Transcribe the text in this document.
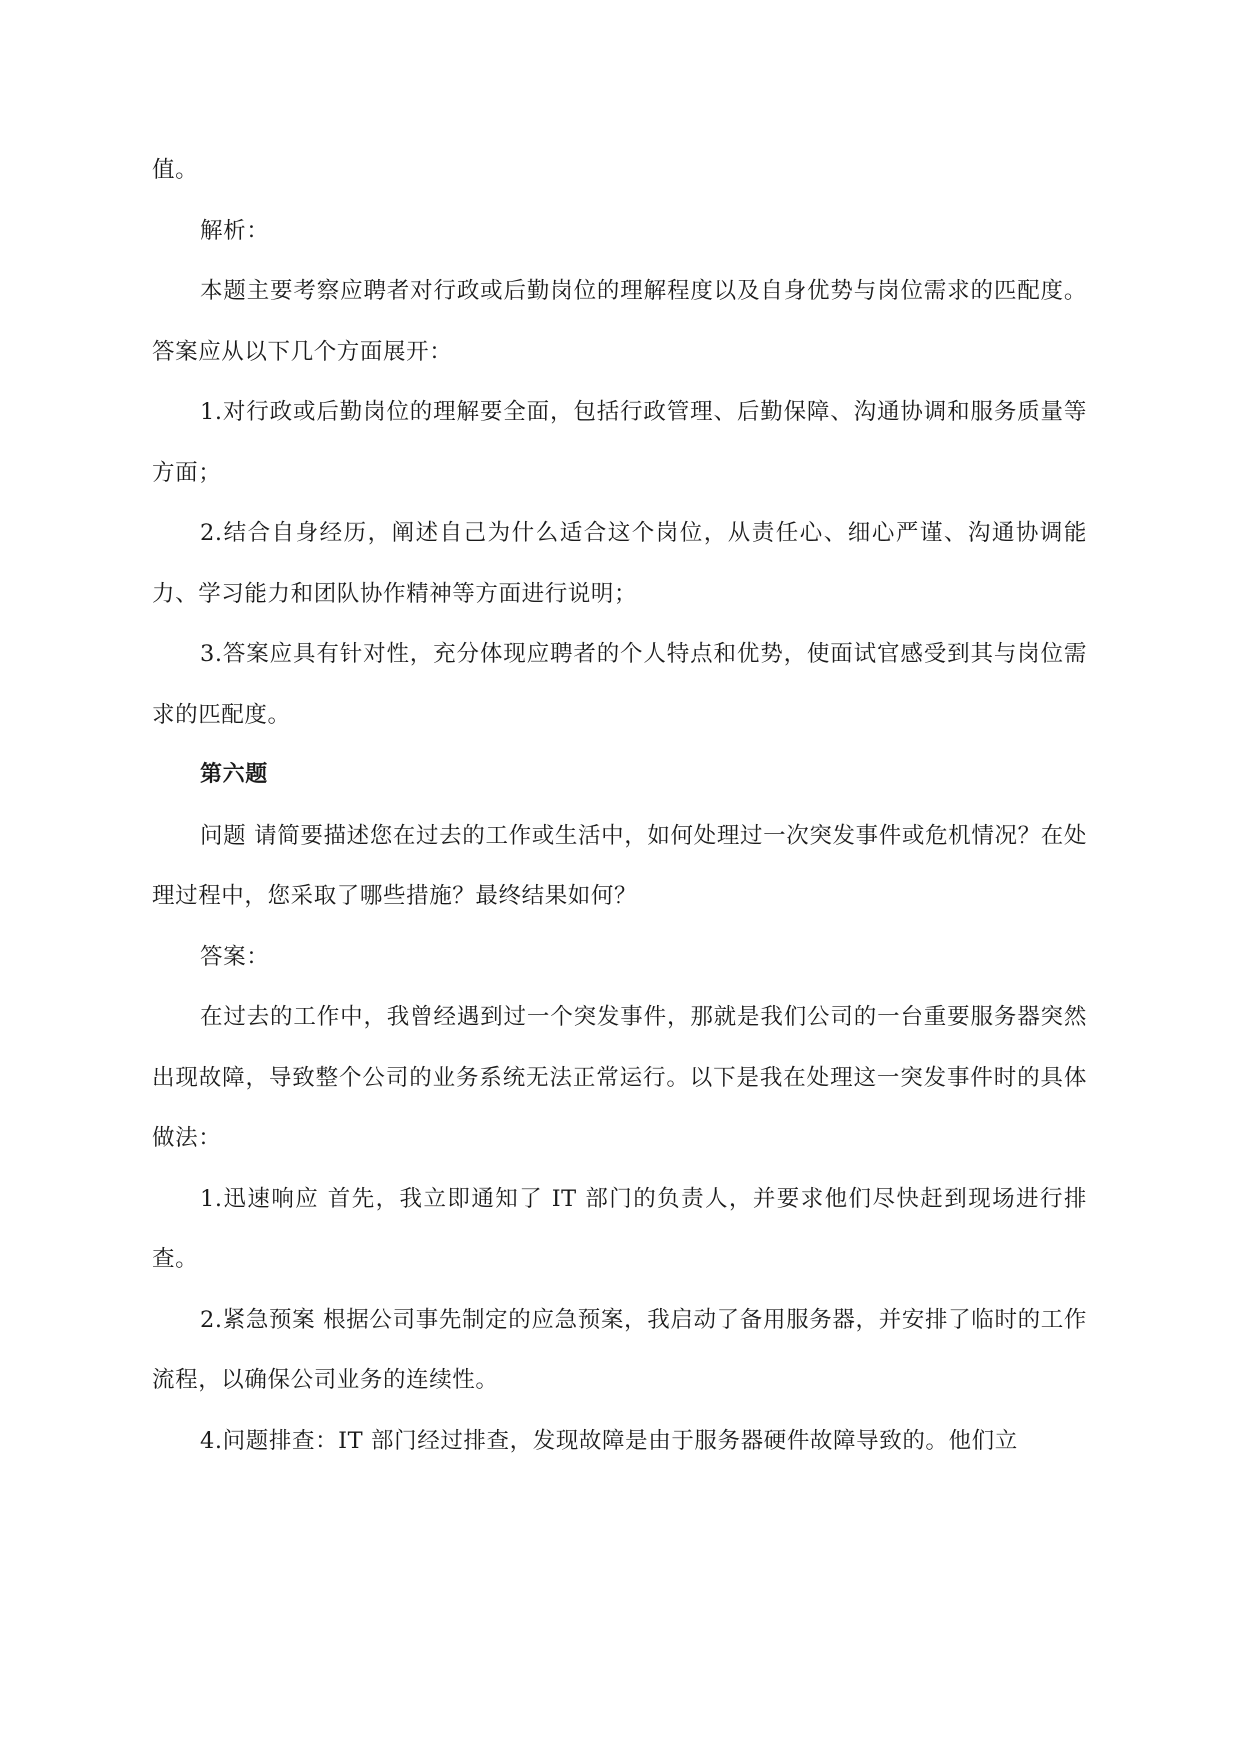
值。

解析：

本题主要考察应聘者对行政或后勤岗位的理解程度以及自身优势与岗位需求的匹配度。答案应从以下几个方面展开：

1.对行政或后勤岗位的理解要全面，包括行政管理、后勤保障、沟通协调和服务质量等方面；

2.结合自身经历，阐述自己为什么适合这个岗位，从责任心、细心严谨、沟通协调能力、学习能力和团队协作精神等方面进行说明；

3.答案应具有针对性，充分体现应聘者的个人特点和优势，使面试官感受到其与岗位需求的匹配度。

第六题

问题 请简要描述您在过去的工作或生活中，如何处理过一次突发事件或危机情况？在处理过程中，您采取了哪些措施？最终结果如何？

答案：

在过去的工作中，我曾经遇到过一个突发事件，那就是我们公司的一台重要服务器突然出现故障，导致整个公司的业务系统无法正常运行。以下是我在处理这一突发事件时的具体做法：

1.迅速响应 首先，我立即通知了 IT 部门的负责人，并要求他们尽快赶到现场进行排查。

2.紧急预案 根据公司事先制定的应急预案，我启动了备用服务器，并安排了临时的工作流程，以确保公司业务的连续性。

4.问题排查：IT 部门经过排查，发现故障是由于服务器硬件故障导致的。他们立
